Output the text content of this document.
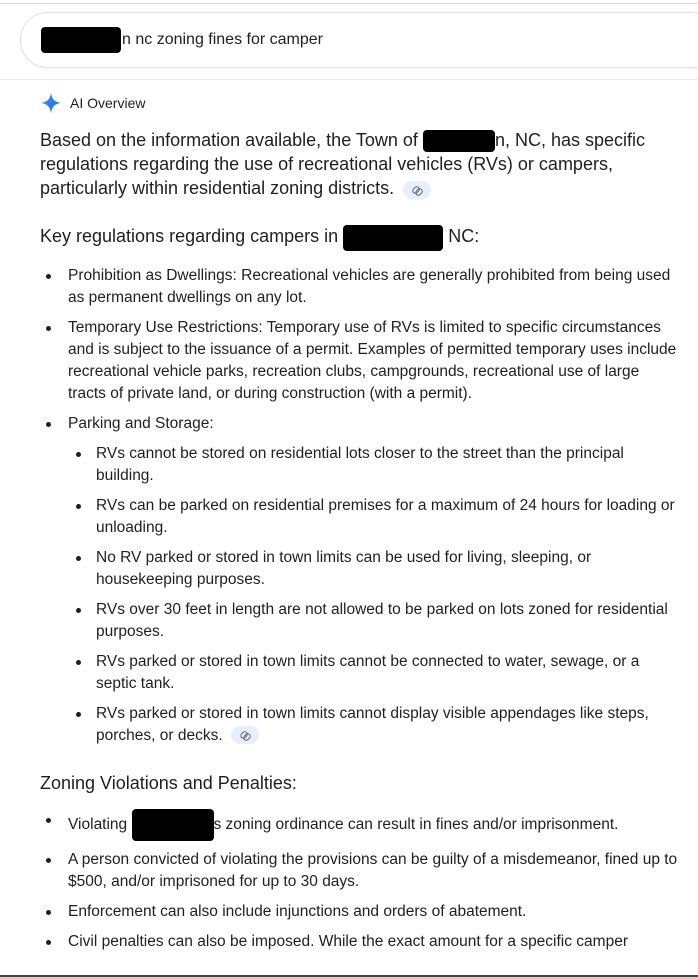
n nc zoning fines for camper
AI Overview

Based on the information available, the Town of	n, NC, has specific regulations regarding the use of recreational vehicles (RVs) or campers, particularly within residential zoning districts.

Key regulations regarding campers in	NC:
Prohibition as Dwellings: Recreational vehicles are generally prohibited from being used as permanent dwellings on any lot.
Temporary Use Restrictions: Temporary use of RVs is limited to specific circumstances and is subject to the issuance of a permit. Examples of permitted temporary uses include recreational vehicle parks, recreation clubs, campgrounds, recreational use of large tracts of private land, or during construction (with a permit).
Parking and Storage:
RVs cannot be stored on residential lots closer to the street than the principal building.
RVs can be parked on residential premises for a maximum of 24 hours for loading or unloading.
No RV parked or stored in town limits can be used for living, sleeping, or housekeeping purposes.
RVs over 30 feet in length are not allowed to be parked on lots zoned for residential purposes.
RVs parked or stored in town limits cannot be connected to water, sewage, or a septic tank.
RVs parked or stored in town limits cannot display visible appendages like steps, porches, or decks.
Zoning Violations and Penalties:
Violating	s zoning ordinance can result in fines and/or imprisonment.
A person convicted of violating the provisions can be guilty of a misdemeanor, fined up to $500, and/or imprisoned for up to 30 days.
Enforcement can also include injunctions and orders of abatement.
Civil penalties can also be imposed. While the exact amount for a specific camper
